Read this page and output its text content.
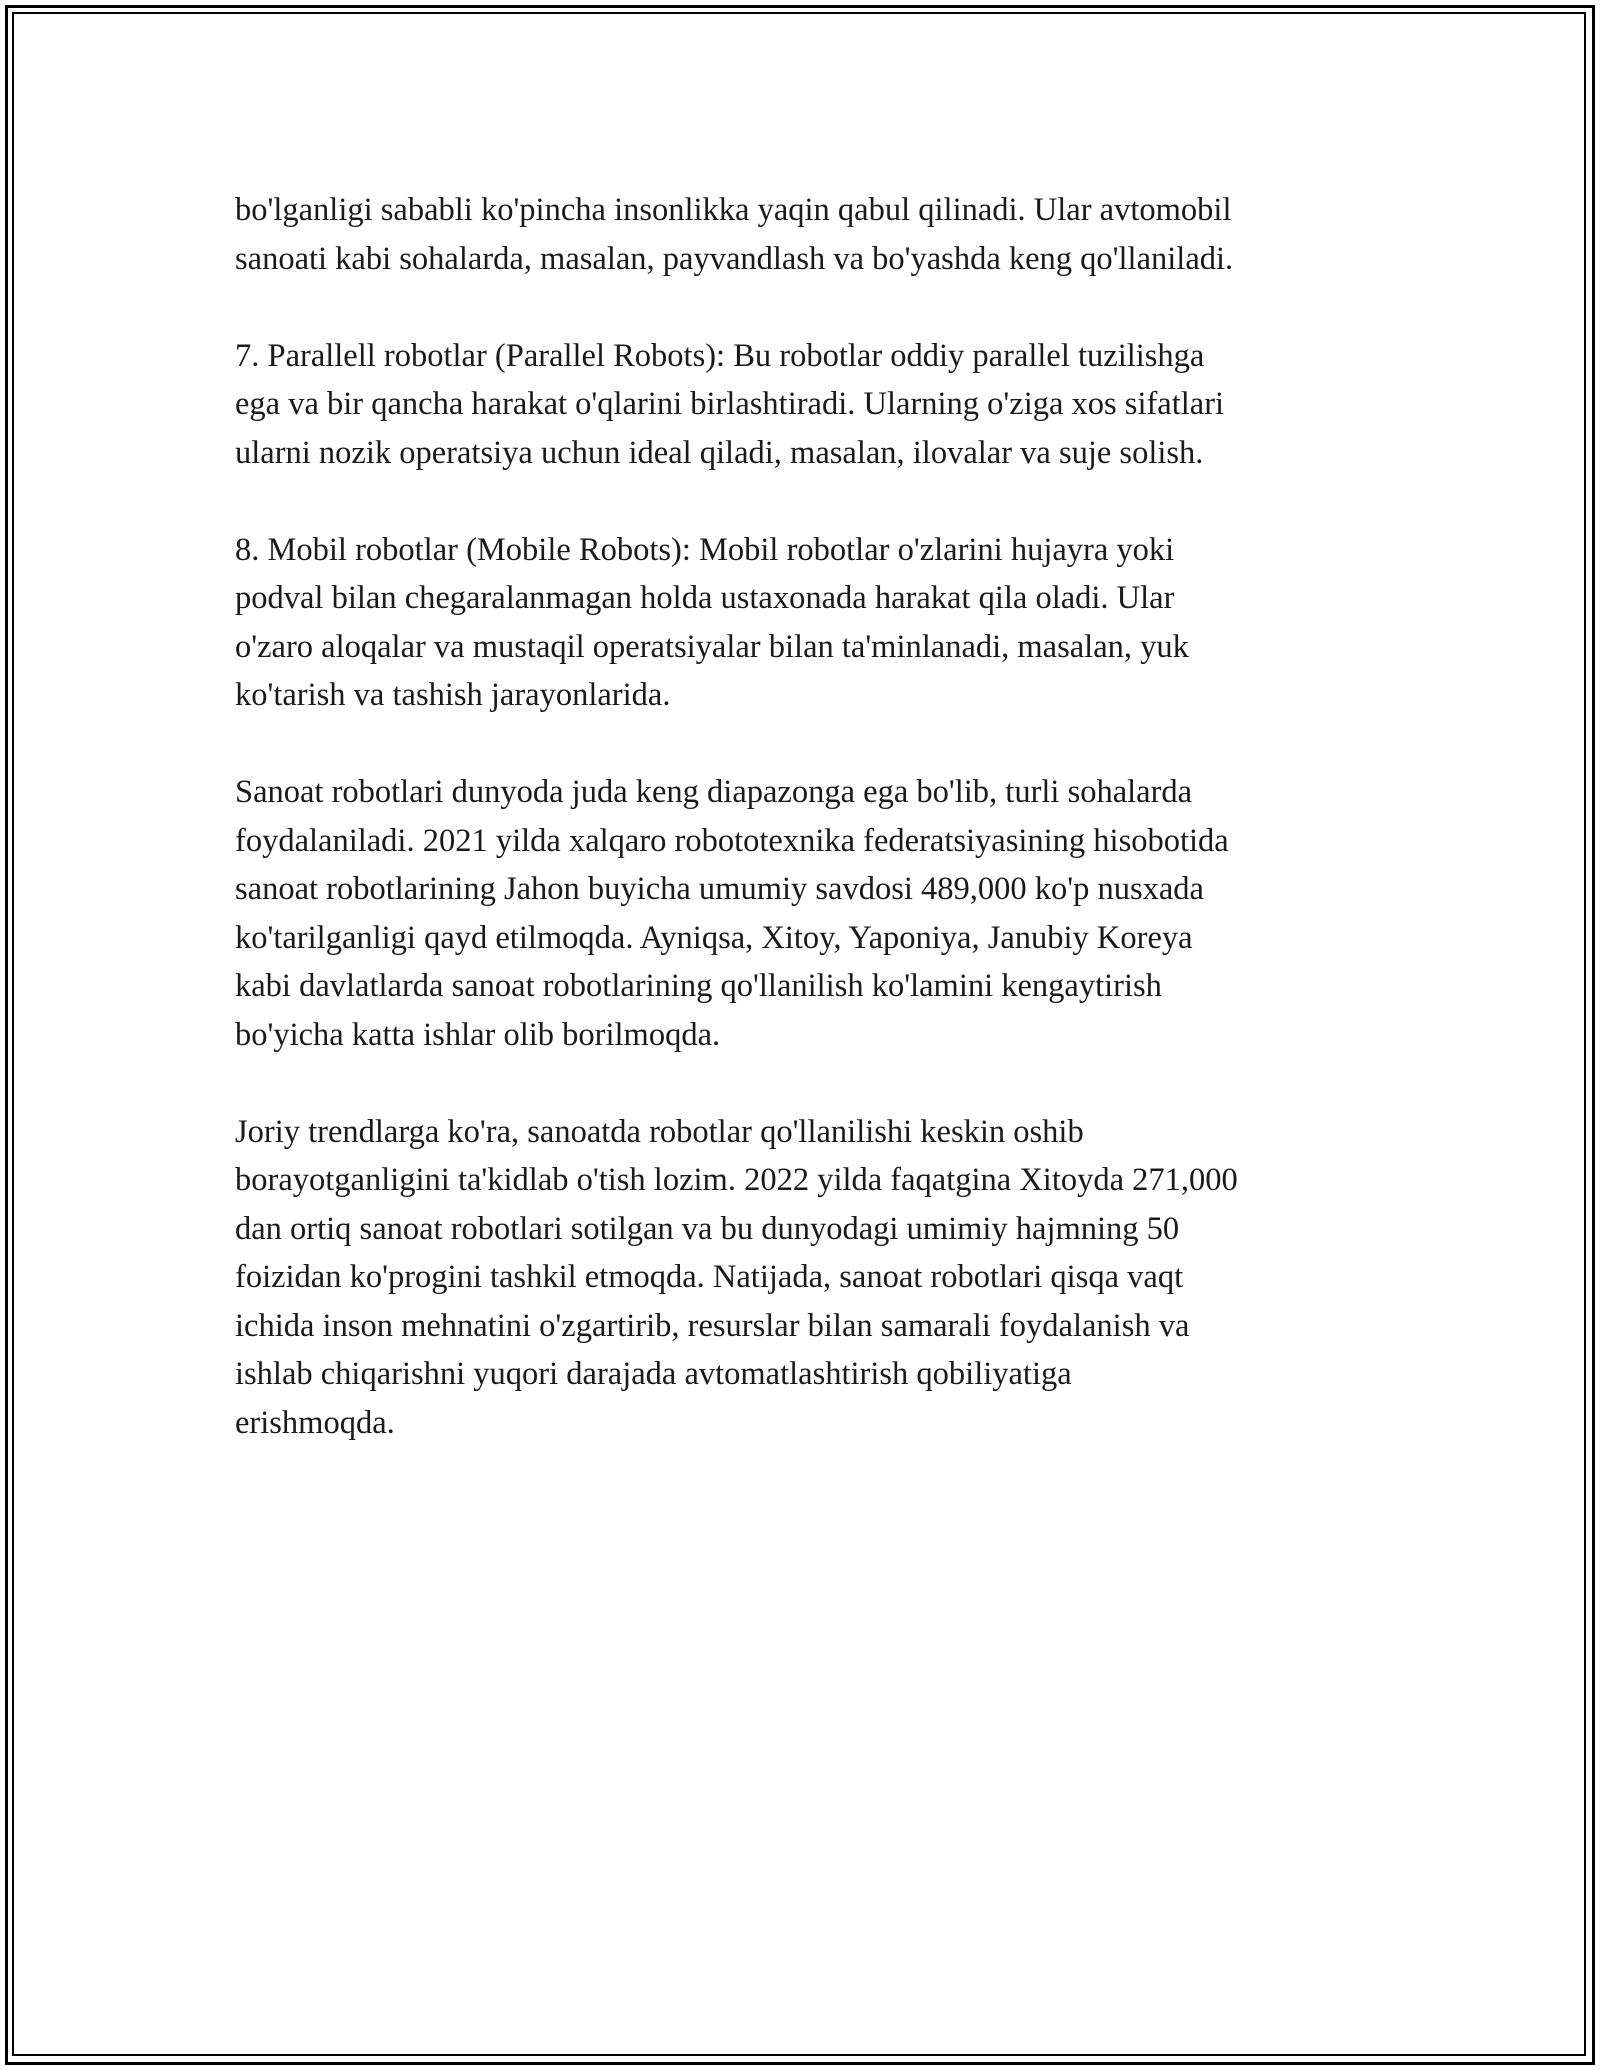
bo'lganligi sababli ko'pincha insonlikka yaqin qabul qilinadi. Ular avtomobil
sanoati kabi sohalarda, masalan, payvandlash va bo'yashda keng qo'llaniladi.

7. Parallell robotlar (Parallel Robots): Bu robotlar oddiy parallel tuzilishga
ega va bir qancha harakat o'qlarini birlashtiradi. Ularning o'ziga xos sifatlari
ularni nozik operatsiya uchun ideal qiladi, masalan, ilovalar va suje solish.

8. Mobil robotlar (Mobile Robots): Mobil robotlar o'zlarini hujayra yoki
podval bilan chegaralanmagan holda ustaxonada harakat qila oladi. Ular
o'zaro aloqalar va mustaqil operatsiyalar bilan ta'minlanadi, masalan, yuk
ko'tarish va tashish jarayonlarida.

Sanoat robotlari dunyoda juda keng diapazonga ega bo'lib, turli sohalarda
foydalaniladi. 2021 yilda xalqaro robototexnika federatsiyasining hisobotida
sanoat robotlarining Jahon buyicha umumiy savdosi 489,000 ko'p nusxada
ko'tarilganligi qayd etilmoqda. Ayniqsa, Xitoy, Yaponiya, Janubiy Koreya
kabi davlatlarda sanoat robotlarining qo'llanilish ko'lamini kengaytirish
bo'yicha katta ishlar olib borilmoqda.

Joriy trendlarga ko'ra, sanoatda robotlar qo'llanilishi keskin oshib
borayotganligini ta'kidlab o'tish lozim. 2022 yilda faqatgina Xitoyda 271,000
dan ortiq sanoat robotlari sotilgan va bu dunyodagi umimiy hajmning 50
foizidan ko'progini tashkil etmoqda. Natijada, sanoat robotlari qisqa vaqt
ichida inson mehnatini o'zgartirib, resurslar bilan samarali foydalanish va
ishlab chiqarishni yuqori darajada avtomatlashtirish qobiliyatiga
erishmoqda.
